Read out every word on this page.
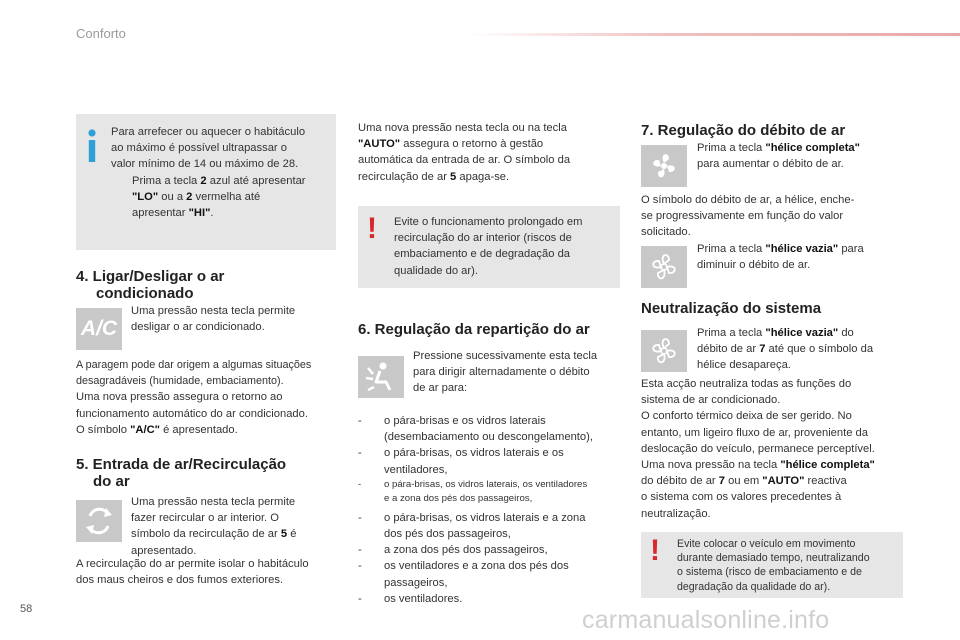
Conforto
Para arrefecer ou aquecer o habitáculo
ao máximo é possível ultrapassar o
valor mínimo de 14 ou máximo de 28.
Prima a tecla 2 azul até apresentar
"LO" ou a 2 vermelha até
apresentar "HI".
4. Ligar/Desligar o ar
condicionado
A/C
Uma pressão nesta tecla permite
desligar o ar condicionado.
A paragem pode dar origem a algumas situações
desagradáveis (humidade, embaciamento).
Uma nova pressão assegura o retorno ao
funcionamento automático do ar condicionado.
O símbolo "A/C" é apresentado.
5. Entrada de ar/Recirculação
do ar
Uma pressão nesta tecla permite
fazer recircular o ar interior. O
símbolo da recirculação de ar 5 é
apresentado.
A recirculação do ar permite isolar o habitáculo
dos maus cheiros e dos fumos exteriores.
Uma nova pressão nesta tecla ou na tecla
"AUTO" assegura o retorno à gestão
automática da entrada de ar. O símbolo da
recirculação de ar 5 apaga-se.
! Evite o funcionamento prolongado em
recirculação do ar interior (riscos de
embaciamento e de degradação da
qualidade do ar).
6. Regulação da repartição do ar
Pressione sucessivamente esta tecla
para dirigir alternadamente o débito
de ar para:
- o pára-brisas e os vidros laterais
(desembaciamento ou descongelamento),
- o pára-brisas, os vidros laterais e os
ventiladores,
- o pára-brisas, os vidros laterais, os ventiladores
e a zona dos pés dos passageiros,
- o pára-brisas, os vidros laterais e a zona
dos pés dos passageiros,
- a zona dos pés dos passageiros,
- os ventiladores e a zona dos pés dos
passageiros,
- os ventiladores.
7. Regulação do débito de ar
Prima a tecla "hélice completa"
para aumentar o débito de ar.
O símbolo do débito de ar, a hélice, enche-
se progressivamente em função do valor
solicitado.
Prima a tecla "hélice vazia" para
diminuir o débito de ar.
Neutralização do sistema
Prima a tecla "hélice vazia" do
débito de ar 7 até que o símbolo da
hélice desapareça.
Esta acção neutraliza todas as funções do
sistema de ar condicionado.
O conforto térmico deixa de ser gerido. No
entanto, um ligeiro fluxo de ar, proveniente da
deslocação do veículo, permanece perceptível.
Uma nova pressão na tecla "hélice completa"
do débito de ar 7 ou em "AUTO" reactiva
o sistema com os valores precedentes à
neutralização.
! Evite colocar o veículo em movimento
durante demasiado tempo, neutralizando
o sistema (risco de embaciamento e de
degradação da qualidade do ar).
58	carmanualsonline.info
